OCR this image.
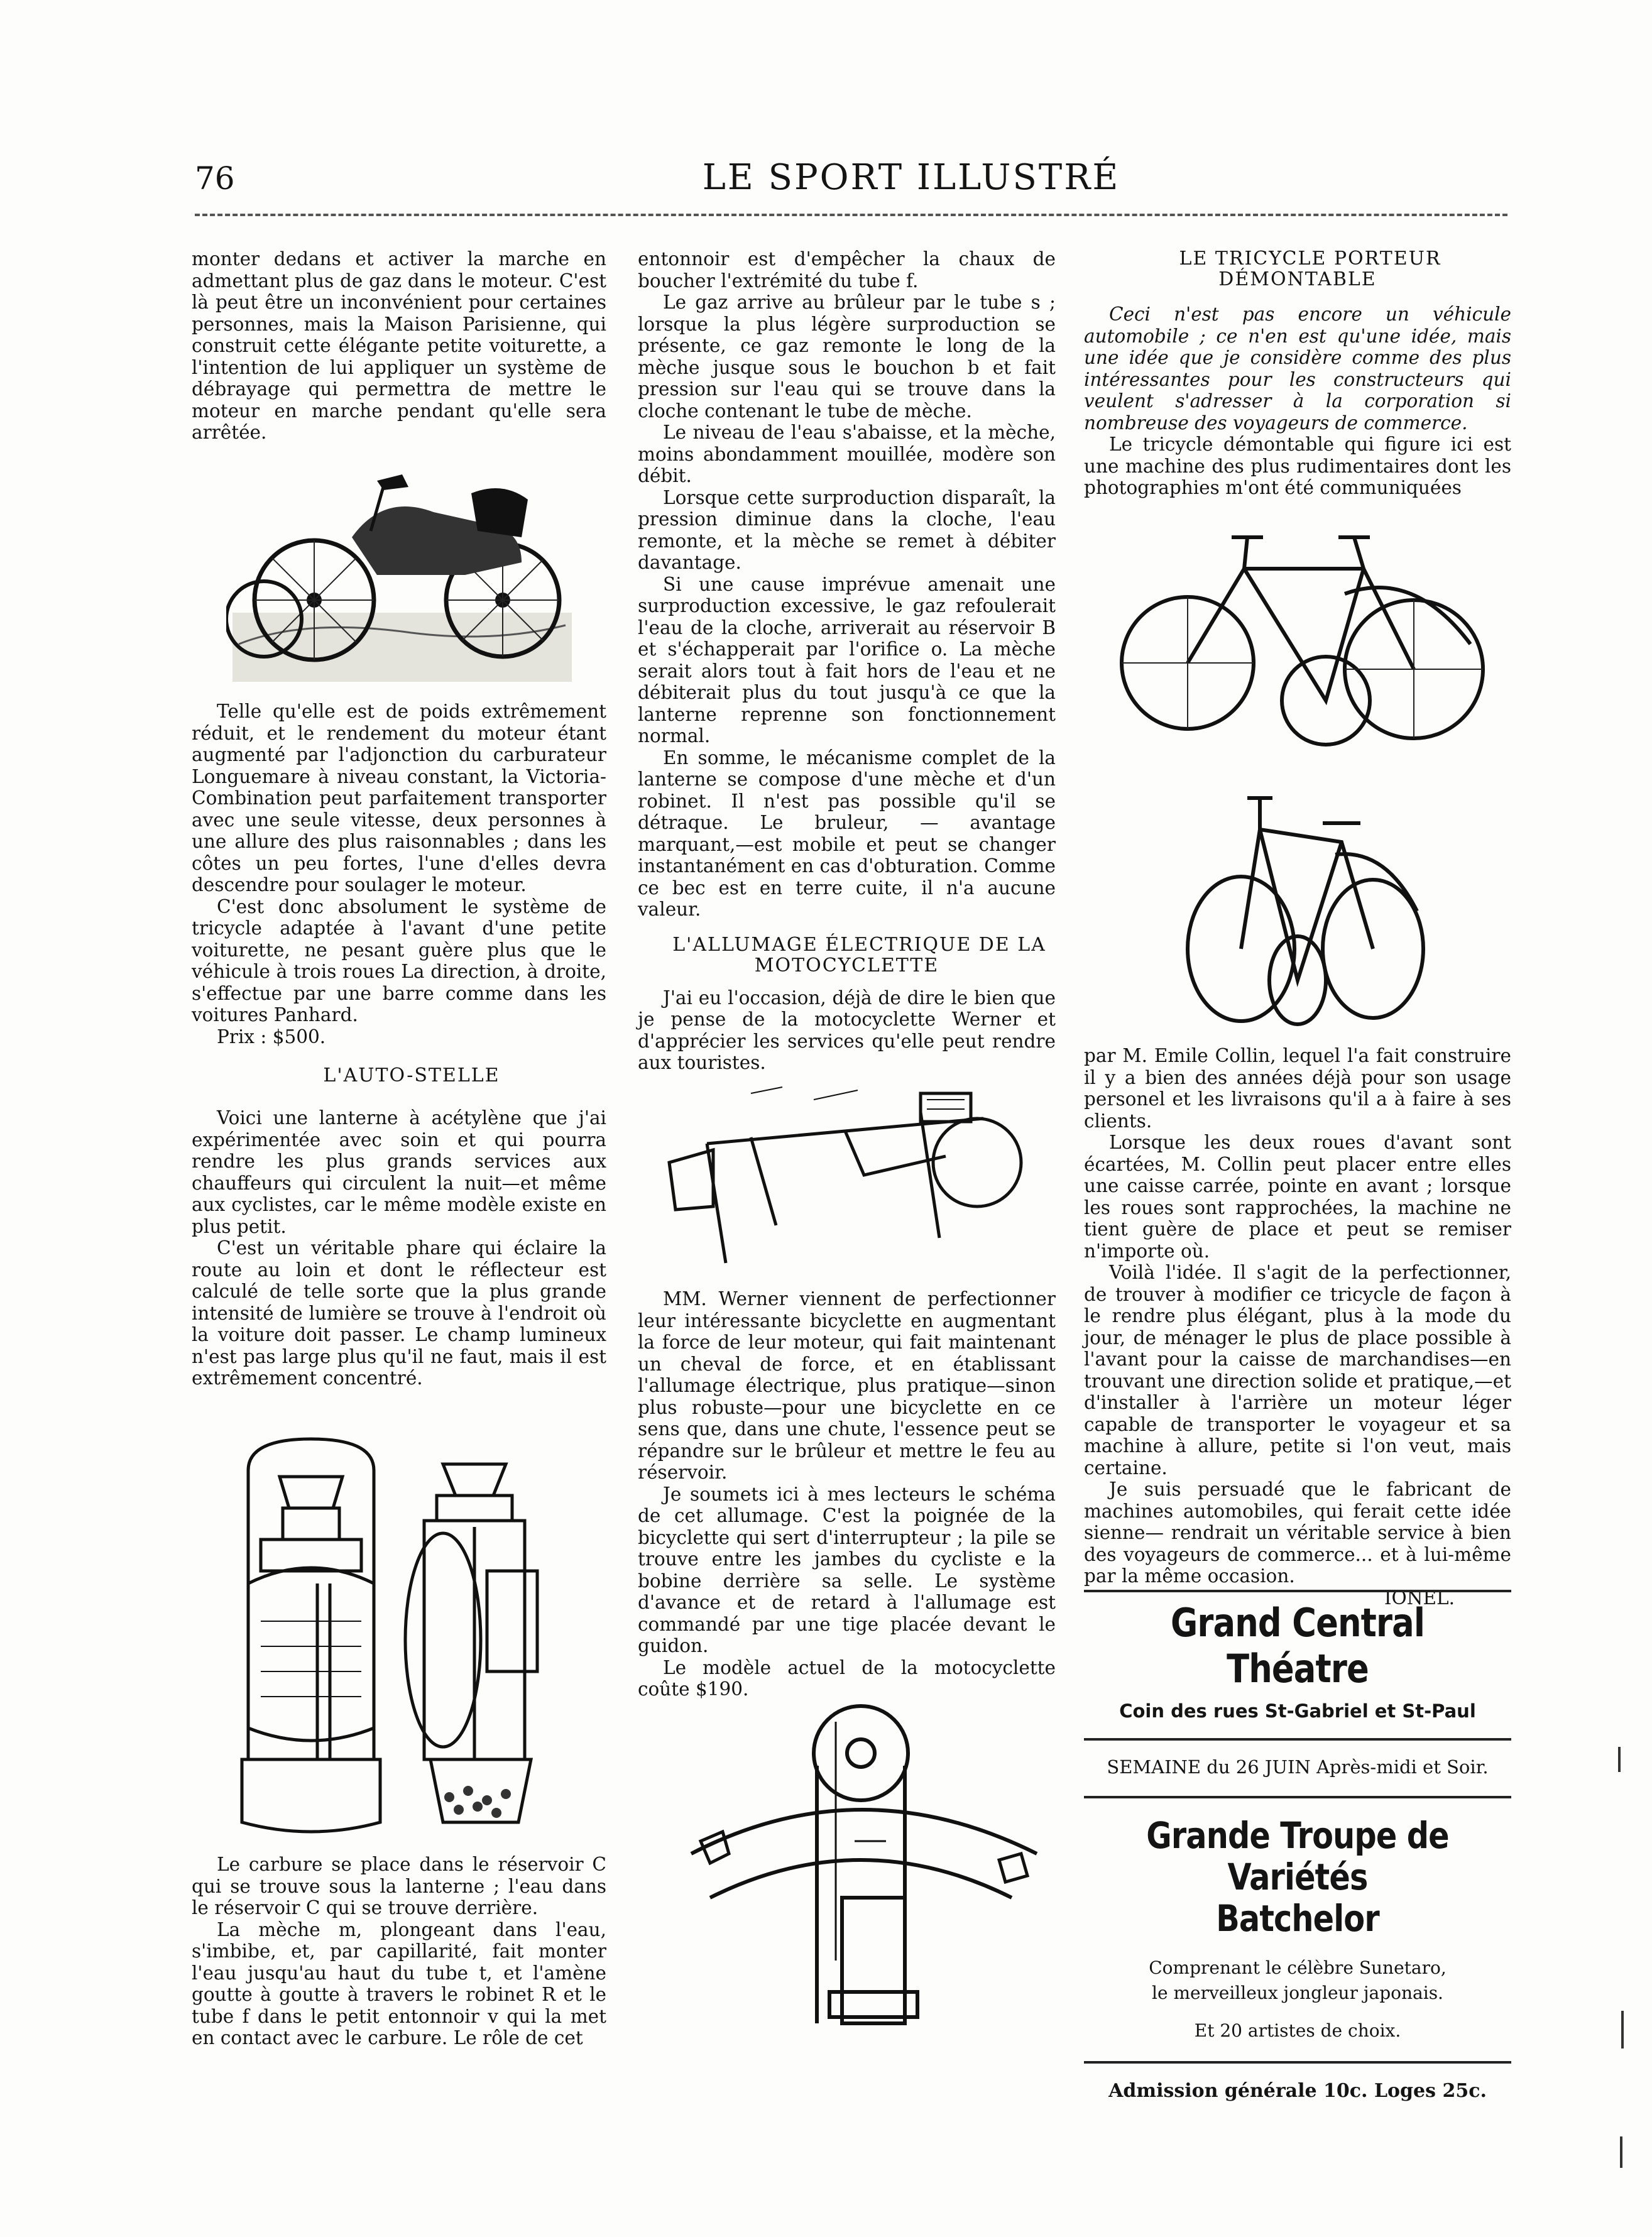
76	LE SPORT ILLUSTRÉ

monter dedans et activer la marche en admettant plus de gaz dans le moteur. C'est là peut être un inconvénient pour certaines personnes, mais la Maison Parisienne, qui construit cette élégante petite voiturette, a l'intention de lui appliquer un système de débrayage qui permettra de mettre le moteur en marche pendant qu'elle sera arrêtée.

Telle qu'elle est de poids extrêmement réduit, et le rendement du moteur étant augmenté par l'adjonction du carburateur Longuemare à niveau constant, la Victoria-Combination peut parfaitement transporter avec une seule vitesse, deux personnes à une allure des plus raisonnables ; dans les côtes un peu fortes, l'une d'elles devra descendre pour soulager le moteur.

C'est donc absolument le système de tricycle adaptée à l'avant d'une petite voiturette, ne pesant guère plus que le véhicule à trois roues La direction, à droite, s'effectue par une barre comme dans les voitures Panhard.

Prix : $500.

L'AUTO-STELLE

Voici une lanterne à acétylène que j'ai expérimentée avec soin et qui pourra rendre les plus grands services aux chauffeurs qui circulent la nuit—et même aux cyclistes, car le même modèle existe en plus petit.

C'est un véritable phare qui éclaire la route au loin et dont le réflecteur est calculé de telle sorte que la plus grande intensité de lumière se trouve à l'endroit où la voiture doit passer. Le champ lumineux n'est pas large plus qu'il ne faut, mais il est extrêmement concentré.

Le carbure se place dans le réservoir C qui se trouve sous la lanterne ; l'eau dans le réservoir C qui se trouve derrière.

La mèche m, plongeant dans l'eau, s'imbibe, et, par capillarité, fait monter l'eau jusqu'au haut du tube t, et l'amène goutte à goutte à travers le robinet R et le tube f dans le petit entonnoir v qui la met en contact avec le carbure. Le rôle de cet

entonnoir est d'empêcher la chaux de boucher l'extrémité du tube f.

Le gaz arrive au brûleur par le tube s ; lorsque la plus légère surproduction se présente, ce gaz remonte le long de la mèche jusque sous le bouchon b et fait pression sur l'eau qui se trouve dans la cloche contenant le tube de mèche.

Le niveau de l'eau s'abaisse, et la mèche, moins abondamment mouillée, modère son débit.

Lorsque cette surproduction disparaît, la pression diminue dans la cloche, l'eau remonte, et la mèche se remet à débiter davantage.

Si une cause imprévue amenait une surproduction excessive, le gaz refoulerait l'eau de la cloche, arriverait au réservoir B et s'échapperait par l'orifice o. La mèche serait alors tout à fait hors de l'eau et ne débiterait plus du tout jusqu'à ce que la lanterne reprenne son fonctionnement normal.

En somme, le mécanisme complet de la lanterne se compose d'une mèche et d'un robinet. Il n'est pas possible qu'il se détraque. Le bruleur, — avantage marquant,—est mobile et peut se changer instantanément en cas d'obturation. Comme ce bec est en terre cuite, il n'a aucune valeur.

L'ALLUMAGE ÉLECTRIQUE DE LA MOTOCYCLETTE

J'ai eu l'occasion, déjà de dire le bien que je pense de la motocyclette Werner et d'apprécier les services qu'elle peut rendre aux touristes.

MM. Werner viennent de perfectionner leur intéressante bicyclette en augmentant la force de leur moteur, qui fait maintenant un cheval de force, et en établissant l'allumage électrique, plus pratique—sinon plus robuste—pour une bicyclette en ce sens que, dans une chute, l'essence peut se répandre sur le brûleur et mettre le feu au réservoir.

Je soumets ici à mes lecteurs le schéma de cet allumage. C'est la poignée de la bicyclette qui sert d'interrupteur ; la pile se trouve entre les jambes du cycliste e la bobine derrière sa selle. Le système d'avance et de retard à l'allumage est commandé par une tige placée devant le guidon.

Le modèle actuel de la motocyclette coûte $190.

LE TRICYCLE PORTEUR DÉMONTABLE

Ceci n'est pas encore un véhicule automobile ; ce n'en est qu'une idée, mais une idée que je considère comme des plus intéressantes pour les constructeurs qui veulent s'adresser à la corporation si nombreuse des voyageurs de commerce.

Le tricycle démontable qui figure ici est une machine des plus rudimentaires dont les photographies m'ont été communiquées

par M. Emile Collin, lequel l'a fait construire il y a bien des années déjà pour son usage personel et les livraisons qu'il a à faire à ses clients.

Lorsque les deux roues d'avant sont écartées, M. Collin peut placer entre elles une caisse carrée, pointe en avant ; lorsque les roues sont rapprochées, la machine ne tient guère de place et peut se remiser n'importe où.

Voilà l'idée. Il s'agit de la perfectionner, de trouver à modifier ce tricycle de façon à le rendre plus élégant, plus à la mode du jour, de ménager le plus de place possible à l'avant pour la caisse de marchandises—en trouvant une direction solide et pratique,—et d'installer à l'arrière un moteur léger capable de transporter le voyageur et sa machine à allure, petite si l'on veut, mais certaine.

Je suis persuadé que le fabricant de machines automobiles, qui ferait cette idée sienne— rendrait un véritable service à bien des voyageurs de commerce... et à lui-même par la même occasion.

IONEL.

Grand Central Théatre
Coin des rues St-Gabriel et St-Paul
SEMAINE du 26 JUIN Après-midi et Soir.
Grande Troupe de Variétés
Batchelor
Comprenant le célèbre Sunetaro,
le merveilleux jongleur japonais.
Et 20 artistes de choix.
Admission générale 10c. Loges 25c.
